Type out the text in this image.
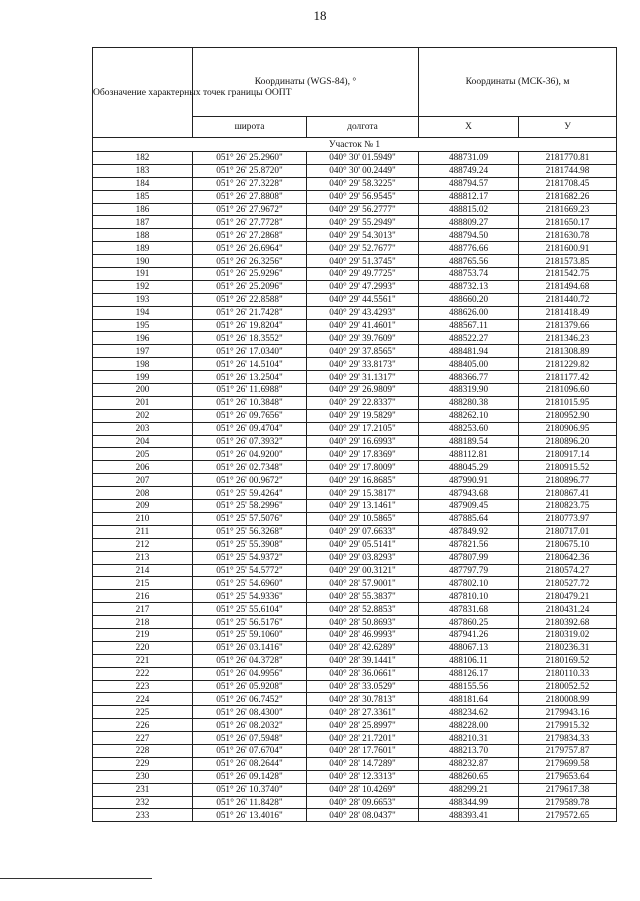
18
Обозначение характерных точек границы ООПТ	Координаты (WGS-84), °		Координаты (МСК-36), м	
	широта	долгота	X	У
Участок № 1				
182	051° 26' 25.2960"	040° 30' 01.5949"	488731.09	2181770.81
183	051° 26' 25.8720"	040° 30' 00.2449"	488749.24	2181744.98
184	051° 26' 27.3228"	040° 29' 58.3225"	488794.57	2181708.45
185	051° 26' 27.8808"	040° 29' 56.9545"	488812.17	2181682.26
186	051° 26' 27.9672"	040° 29' 56.2777"	488815.02	2181669.23
187	051° 26' 27.7728"	040° 29' 55.2949"	488809.27	2181650.17
188	051° 26' 27.2868"	040° 29' 54.3013"	488794.50	2181630.78
189	051° 26' 26.6964"	040° 29' 52.7677"	488776.66	2181600.91
190	051° 26' 26.3256"	040° 29' 51.3745"	488765.56	2181573.85
191	051° 26' 25.9296"	040° 29' 49.7725"	488753.74	2181542.75
192	051° 26' 25.2096"	040° 29' 47.2993"	488732.13	2181494.68
193	051° 26' 22.8588"	040° 29' 44.5561"	488660.20	2181440.72
194	051° 26' 21.7428"	040° 29' 43.4293"	488626.00	2181418.49
195	051° 26' 19.8204"	040° 29' 41.4601"	488567.11	2181379.66
196	051° 26' 18.3552"	040° 29' 39.7609"	488522.27	2181346.23
197	051° 26' 17.0340"	040° 29' 37.8565"	488481.94	2181308.89
198	051° 26' 14.5104"	040° 29' 33.8173"	488405.00	2181229.82
199	051° 26' 13.2504"	040° 29' 31.1317"	488366.77	2181177.42
200	051° 26' 11.6988"	040° 29' 26.9809"	488319.90	2181096.60
201	051° 26' 10.3848"	040° 29' 22.8337"	488280.38	2181015.95
202	051° 26' 09.7656"	040° 29' 19.5829"	488262.10	2180952.90
203	051° 26' 09.4704"	040° 29' 17.2105"	488253.60	2180906.95
204	051° 26' 07.3932"	040° 29' 16.6993"	488189.54	2180896.20
205	051° 26' 04.9200"	040° 29' 17.8369"	488112.81	2180917.14
206	051° 26' 02.7348"	040° 29' 17.8009"	488045.29	2180915.52
207	051° 26' 00.9672"	040° 29' 16.8685"	487990.91	2180896.77
208	051° 25' 59.4264"	040° 29' 15.3817"	487943.68	2180867.41
209	051° 25' 58.2996"	040° 29' 13.1461"	487909.45	2180823.75
210	051° 25' 57.5076"	040° 29' 10.5865"	487885.64	2180773.97
211	051° 25' 56.3268"	040° 29' 07.6633"	487849.92	2180717.01
212	051° 25' 55.3908"	040° 29' 05.5141"	487821.56	2180675.10
213	051° 25' 54.9372"	040° 29' 03.8293"	487807.99	2180642.36
214	051° 25' 54.5772"	040° 29' 00.3121"	487797.79	2180574.27
215	051° 25' 54.6960"	040° 28' 57.9001"	487802.10	2180527.72
216	051° 25' 54.9336"	040° 28' 55.3837"	487810.10	2180479.21
217	051° 25' 55.6104"	040° 28' 52.8853"	487831.68	2180431.24
218	051° 25' 56.5176"	040° 28' 50.8693"	487860.25	2180392.68
219	051° 25' 59.1060"	040° 28' 46.9993"	487941.26	2180319.02
220	051° 26' 03.1416"	040° 28' 42.6289"	488067.13	2180236.31
221	051° 26' 04.3728"	040° 28' 39.1441"	488106.11	2180169.52
222	051° 26' 04.9956"	040° 28' 36.0661"	488126.17	2180110.33
223	051° 26' 05.9208"	040° 28' 33.0529"	488155.56	2180052.52
224	051° 26' 06.7452"	040° 28' 30.7813"	488181.64	2180008.99
225	051° 26' 08.4300"	040° 28' 27.3361"	488234.62	2179943.16
226	051° 26' 08.2032"	040° 28' 25.8997"	488228.00	2179915.32
227	051° 26' 07.5948"	040° 28' 21.7201"	488210.31	2179834.33
228	051° 26' 07.6704"	040° 28' 17.7601"	488213.70	2179757.87
229	051° 26' 08.2644"	040° 28' 14.7289"	488232.87	2179699.58
230	051° 26' 09.1428"	040° 28' 12.3313"	488260.65	2179653.64
231	051° 26' 10.3740"	040° 28' 10.4269"	488299.21	2179617.38
232	051° 26' 11.8428"	040° 28' 09.6653"	488344.99	2179589.78
233	051° 26' 13.4016"	040° 28' 08.0437"	488393.41	2179572.65
